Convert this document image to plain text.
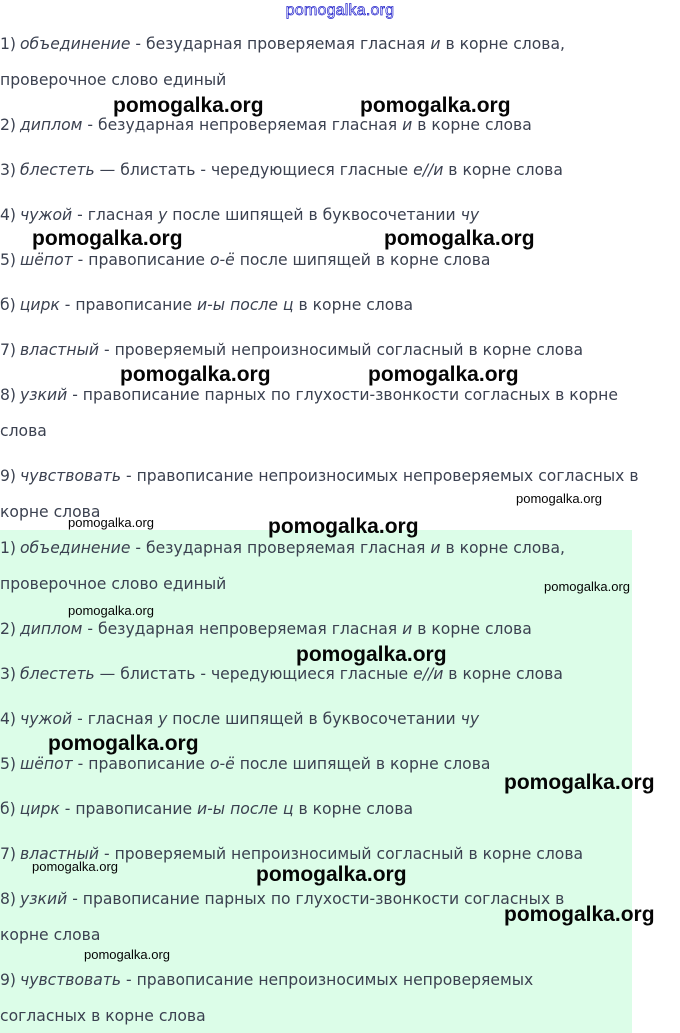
pomogalka.org
1) объединение - безударная проверяемая гласная и в корне слова,
проверочное слово единый
2) диплом - безударная непроверяемая гласная и в корне слова
3) блестеть — блистать - чередующиеся гласные е//и в корне слова
4) чужой - гласная у после шипящей в буквосочетании чу
5) шёпот - правописание о-ё после шипящей в корне слова
б) цирк - правописание и-ы после ц в корне слова
7) властный - проверяемый непроизносимый согласный в корне слова
8) узкий - правописание парных по глухости-звонкости согласных в корне
слова
9) чувствовать - правописание непроизносимых непроверяемых согласных в
корне слова
1) объединение - безударная проверяемая гласная и в корне слова,
проверочное слово единый
2) диплом - безударная непроверяемая гласная и в корне слова
3) блестеть — блистать - чередующиеся гласные е//и в корне слова
4) чужой - гласная у после шипящей в буквосочетании чу
5) шёпот - правописание о-ё после шипящей в корне слова
б) цирк - правописание и-ы после ц в корне слова
7) властный - проверяемый непроизносимый согласный в корне слова
8) узкий - правописание парных по глухости-звонкости согласных в
корне слова
9) чувствовать - правописание непроизносимых непроверяемых
согласных в корне слова
pomogalka.org	pomogalka.org
pomogalka.org	pomogalka.org
pomogalka.org	pomogalka.org
pomogalka.org
pomogalka.org	pomogalka.org
pomogalka.org
pomogalka.org
pomogalka.org
pomogalka.org
pomogalka.org
pomogalka.org	pomogalka.org
pomogalka.org
pomogalka.org
